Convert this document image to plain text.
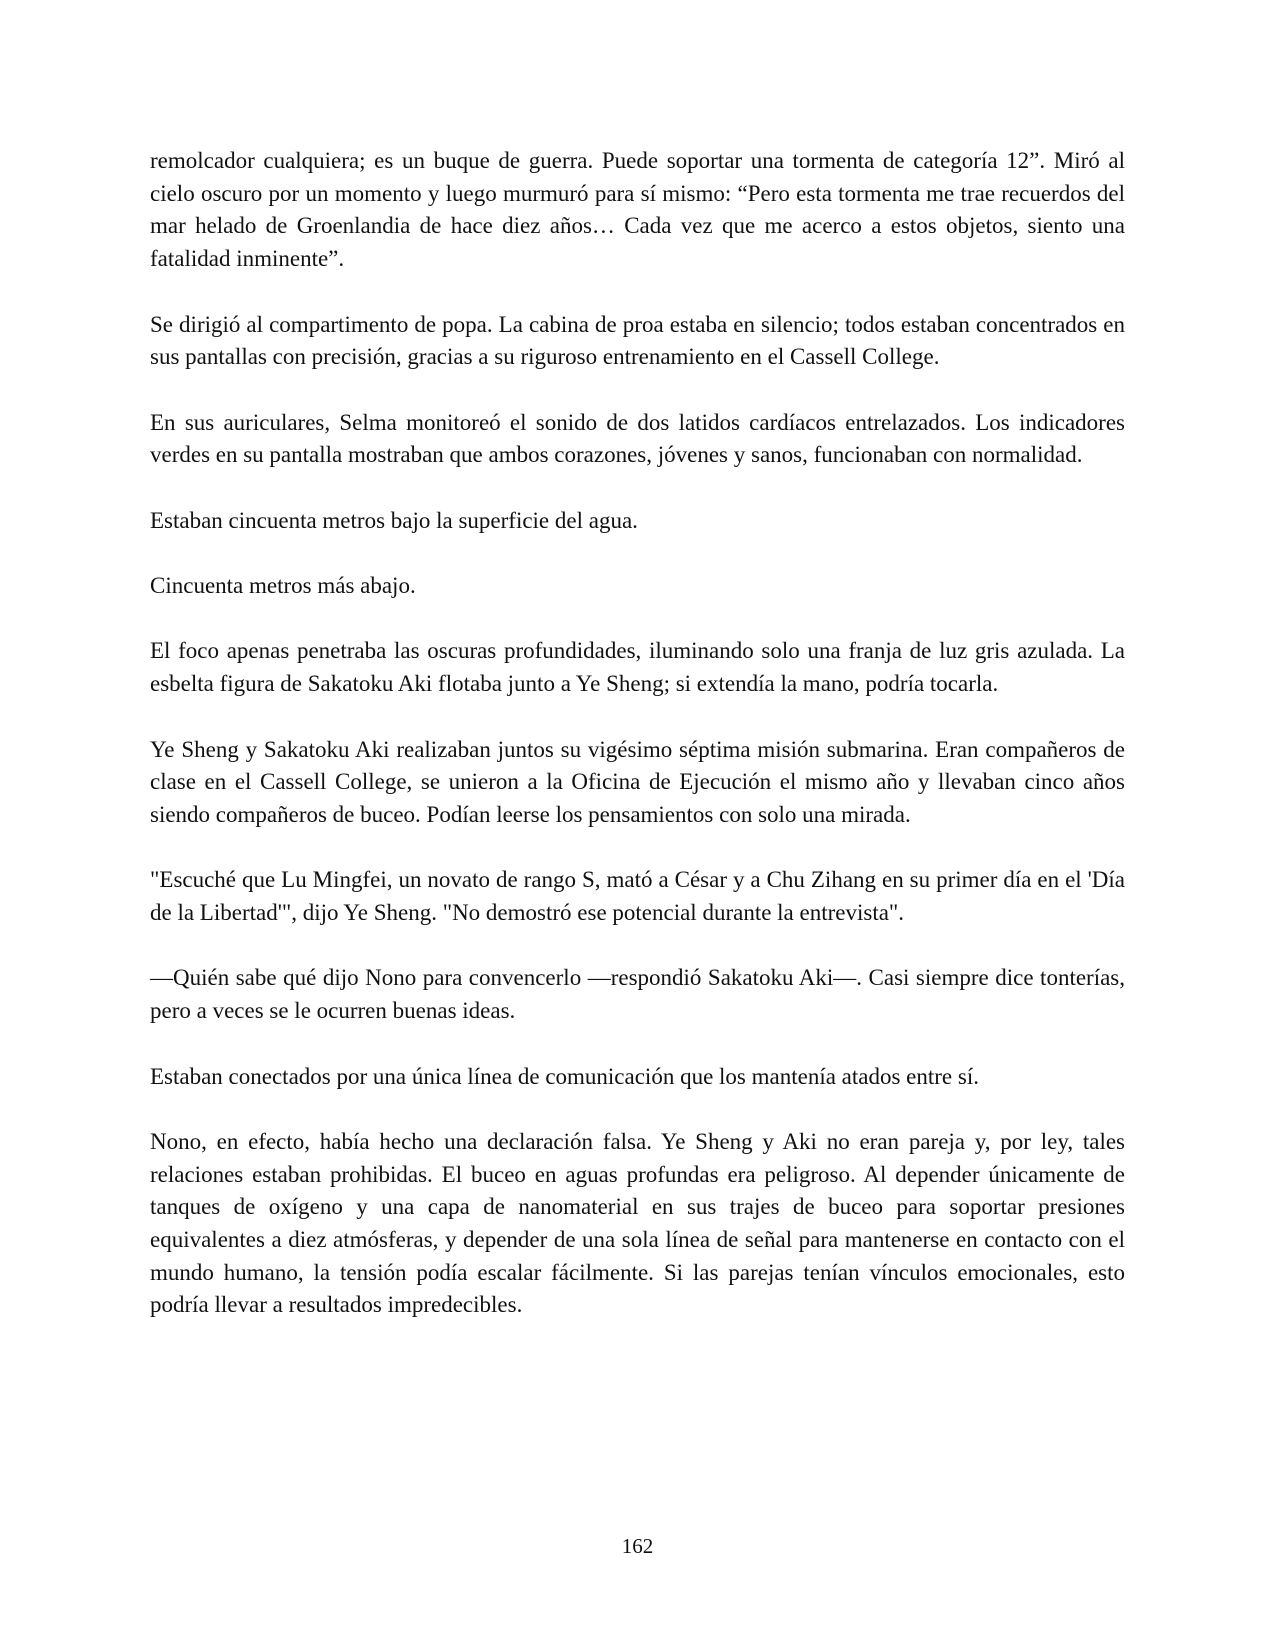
remolcador cualquiera; es un buque de guerra. Puede soportar una tormenta de categoría 12”. Miró al cielo oscuro por un momento y luego murmuró para sí mismo: “Pero esta tormenta me trae recuerdos del mar helado de Groenlandia de hace diez años… Cada vez que me acerco a estos objetos, siento una fatalidad inminente”.

Se dirigió al compartimento de popa. La cabina de proa estaba en silencio; todos estaban concentrados en sus pantallas con precisión, gracias a su riguroso entrenamiento en el Cassell College.

En sus auriculares, Selma monitoreó el sonido de dos latidos cardíacos entrelazados. Los indicadores verdes en su pantalla mostraban que ambos corazones, jóvenes y sanos, funcionaban con normalidad.

Estaban cincuenta metros bajo la superficie del agua.

Cincuenta metros más abajo.

El foco apenas penetraba las oscuras profundidades, iluminando solo una franja de luz gris azulada. La esbelta figura de Sakatoku Aki flotaba junto a Ye Sheng; si extendía la mano, podría tocarla.

Ye Sheng y Sakatoku Aki realizaban juntos su vigésimo séptima misión submarina. Eran compañeros de clase en el Cassell College, se unieron a la Oficina de Ejecución el mismo año y llevaban cinco años siendo compañeros de buceo. Podían leerse los pensamientos con solo una mirada.

"Escuché que Lu Mingfei, un novato de rango S, mató a César y a Chu Zihang en su primer día en el 'Día de la Libertad'", dijo Ye Sheng. "No demostró ese potencial durante la entrevista".

—Quién sabe qué dijo Nono para convencerlo —respondió Sakatoku Aki—. Casi siempre dice tonterías, pero a veces se le ocurren buenas ideas.

Estaban conectados por una única línea de comunicación que los mantenía atados entre sí.

Nono, en efecto, había hecho una declaración falsa. Ye Sheng y Aki no eran pareja y, por ley, tales relaciones estaban prohibidas. El buceo en aguas profundas era peligroso. Al depender únicamente de tanques de oxígeno y una capa de nanomaterial en sus trajes de buceo para soportar presiones equivalentes a diez atmósferas, y depender de una sola línea de señal para mantenerse en contacto con el mundo humano, la tensión podía escalar fácilmente. Si las parejas tenían vínculos emocionales, esto podría llevar a resultados impredecibles.

162
